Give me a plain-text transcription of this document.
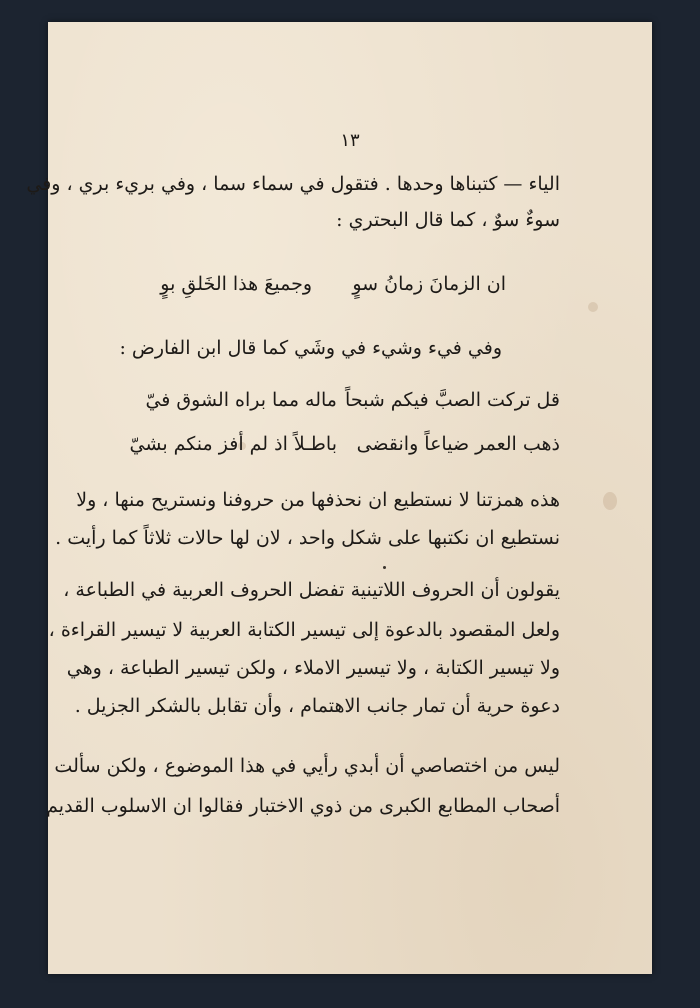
١٣
الياء — كتبناها وحدها . فتقول في سماء سما ، وفي بريء بري ، وفي
سوءٌ سوٌ ، كما قال البحتري :
ان الزمانَ زمانُ سوٍ
وجميعَ هذا الخَلقِ بوٍ
وفي فيء وشيء في وشَي كما قال ابن الفارض :
قل تركت الصبَّ فيكم شبحاً
ماله مما براه الشوق فيّ
ذهب العمر ضياعاً وانقضى
باطـلاً اذ لم أفز منكم بشيّ
هذه همزتنا لا نستطيع ان نحذفها من حروفنا ونستريح منها ، ولا
نستطيع ان نكتبها على شكل واحد ، لان لها حالات ثلاثاً كما رأيت .
يقولون أن الحروف اللاتينية تفضل الحروف العربية في الطباعة ،
ولعل المقصود بالدعوة إلى تيسير الكتابة العربية لا تيسير القراءة ،
ولا تيسير الكتابة ، ولا تيسير الاملاء ، ولكن تيسير الطباعة ، وهي
دعوة حرية أن تمار جانب الاهتمام ، وأن تقابل بالشكر الجزيل .
ليس من اختصاصي أن أبدي رأيي في هذا الموضوع ، ولكن سألت
أصحاب المطابع الكبرى من ذوي الاختبار فقالوا ان الاسلوب القديم
